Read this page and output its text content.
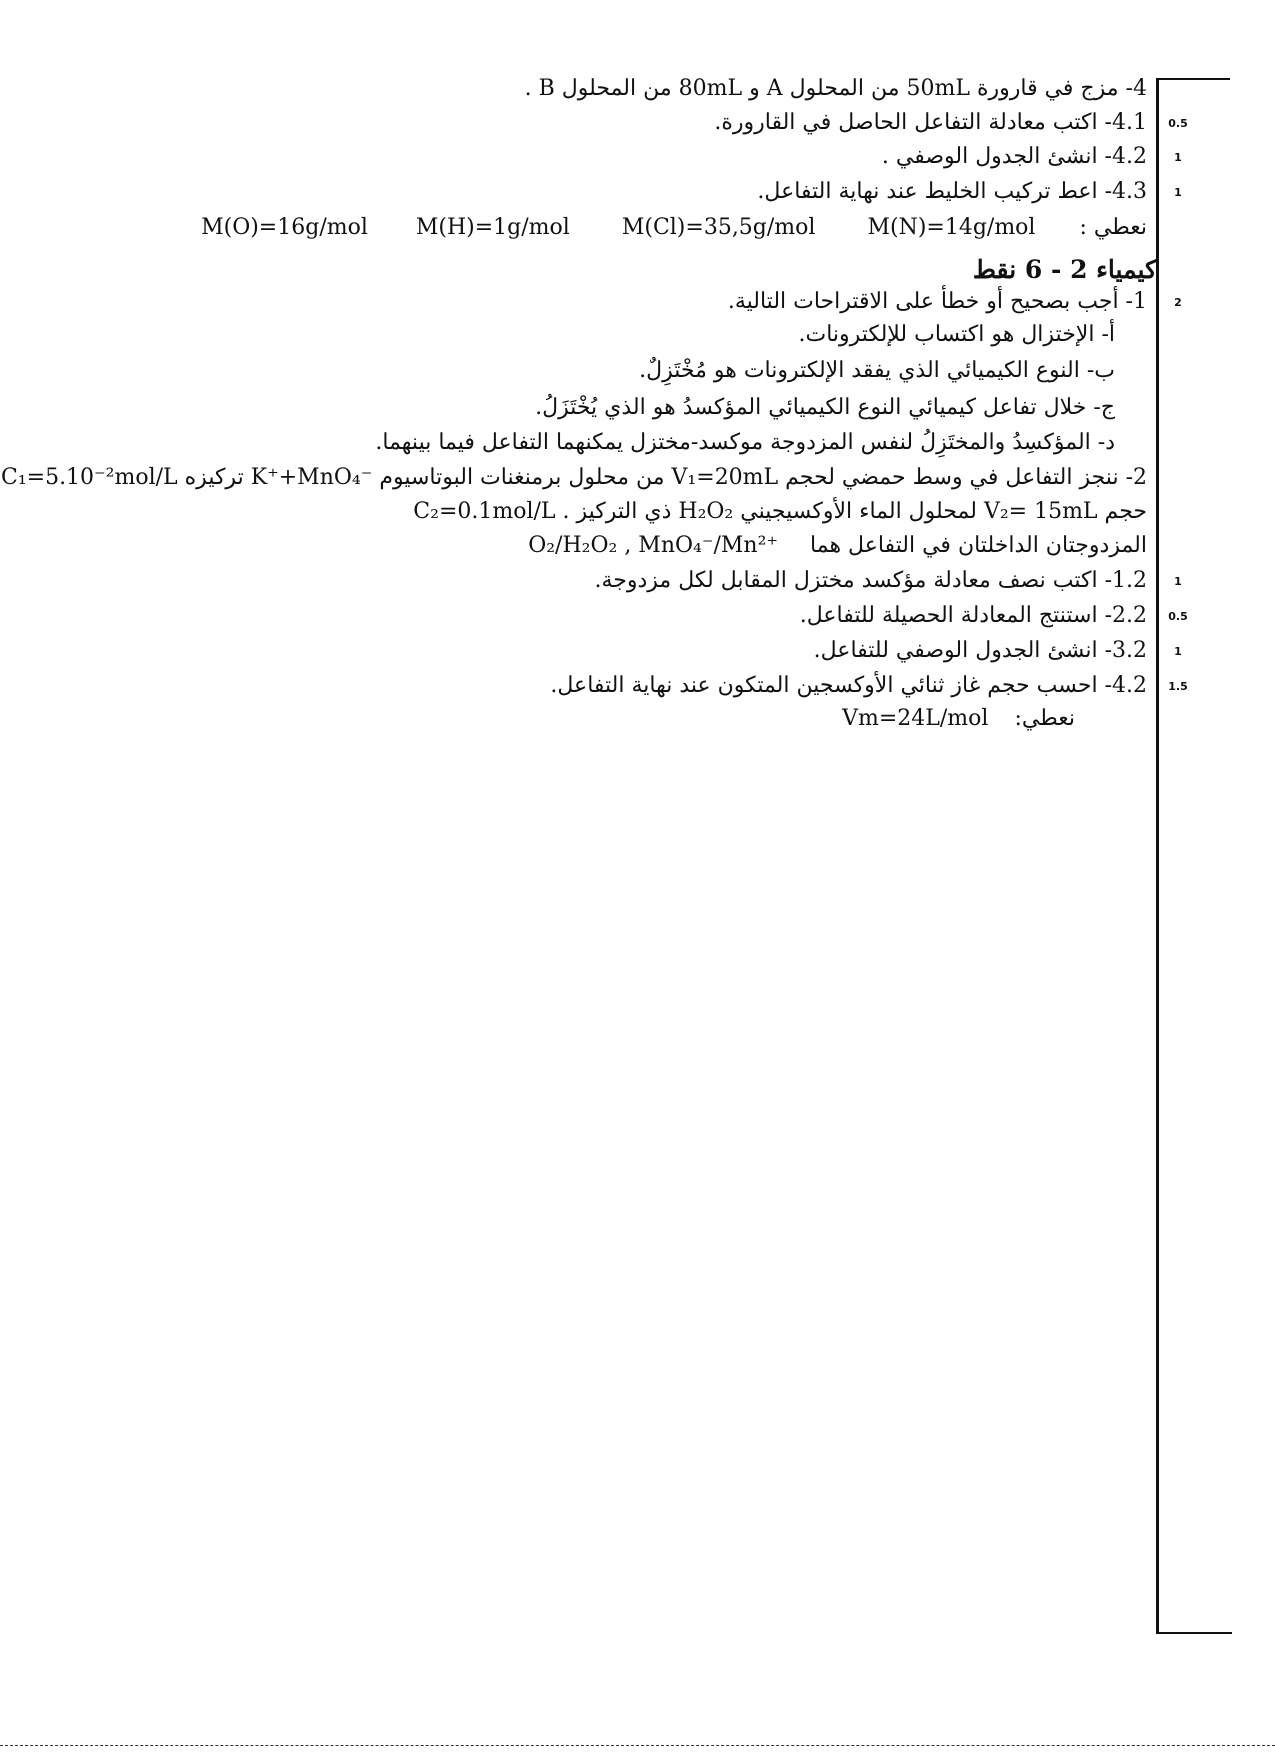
4- مزج في قارورة 50mL من المحلول A و 80mL من المحلول B .
4.1- اكتب معادلة التفاعل الحاصل في القارورة.	0.5
4.2- انشئ الجدول الوصفي .	1
4.3- اعط تركيب الخليط عند نهاية التفاعل.	1
نعطي :  M(N)=14g/mol  M(Cl)=35,5g/mol  M(H)=1g/mol  M(O)=16g/mol
كيمياء 2 - 6 نقط
1- أجب بصحيح أو خطأ على الاقتراحات التالية.	2
أ- الإختزال هو اكتساب للإلكترونات.
ب- النوع الكيميائي الذي يفقد الإلكترونات هو مُخْتَزِلٌ.
ج- خلال تفاعل كيميائي النوع الكيميائي المؤكسدُ هو الذي يُخْتَزَلُ.
د- المؤكسِدُ والمختَزِلُ لنفس المزدوجة موكسد-مختزل يمكنهما التفاعل فيما بينهما.
2- ننجز التفاعل في وسط حمضي لحجم V₁=20mL من محلول برمنغنات البوتاسيوم K⁺+MnO₄⁻ تركيزه C₁=5.10⁻²mol/L
حجم V₂= 15mL لمحلول الماء الأوكسيجيني H₂O₂ ذي التركيز C₂=0.1mol/L .
المزدوجتان الداخلتان في التفاعل هما  O₂/H₂O₂ , MnO₄⁻/Mn²⁺
1.2- اكتب نصف معادلة مؤكسد مختزل المقابل لكل مزدوجة.	1
2.2- استنتج المعادلة الحصيلة للتفاعل.	0.5
3.2- انشئ الجدول الوصفي للتفاعل.	1
4.2- احسب حجم غاز ثنائي الأوكسجين المتكون عند نهاية التفاعل.	1.5
نعطي:  Vm=24L/mol
